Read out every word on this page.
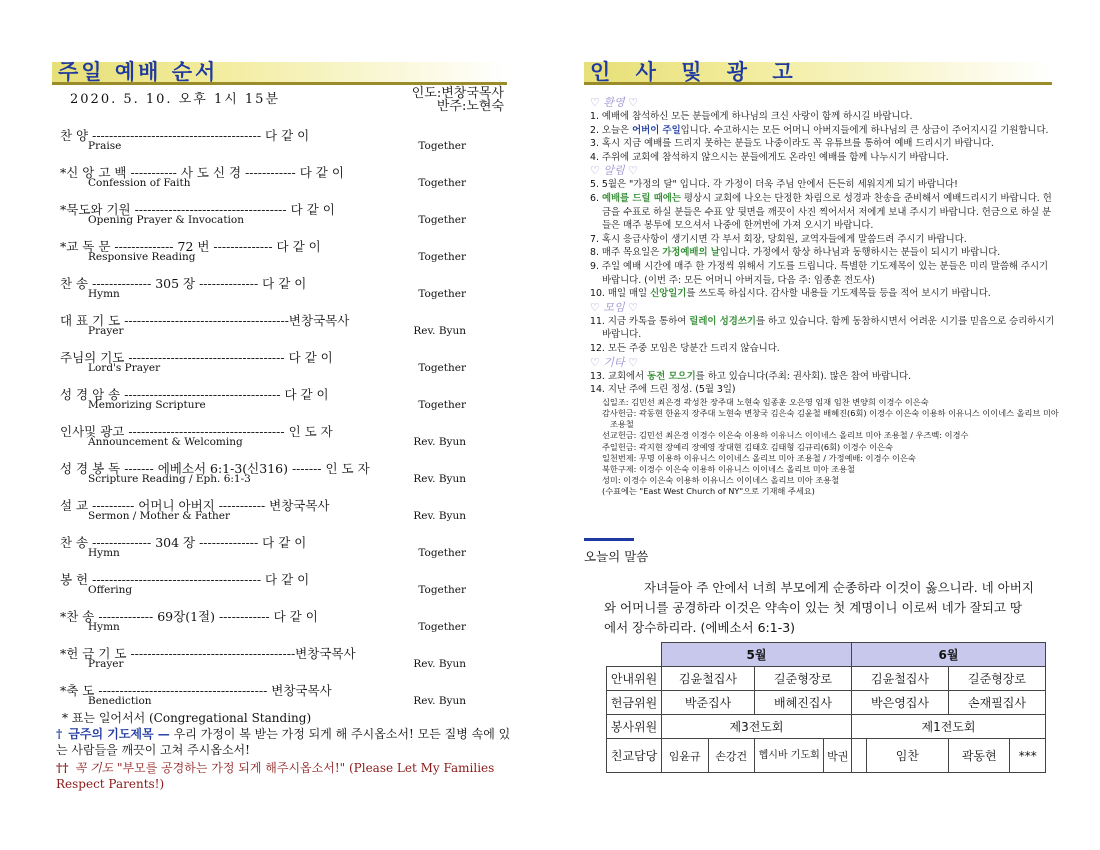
주일 예배 순서
2020. 5. 10. 오후 1시 15분	인도:변창국목사
반주:노현숙
찬 양 ---------------------------------------- 다 같 이
Praise	Together
*신 앙 고 백 ----------- 사 도 신 경 ------------ 다 같 이
Confession of Faith	Together
*묵도와 기원 ------------------------------------ 다 같 이
Opening Prayer & Invocation	Together
*교 독 문 -------------- 72 번 -------------- 다 같 이
Responsive Reading	Together
찬 송 -------------- 305 장 -------------- 다 같 이
Hymn	Together
대 표 기 도 ---------------------------------------변창국목사
Prayer	Rev. Byun
주님의 기도 ------------------------------------- 다 같 이
Lord's Prayer	Together
성 경 암 송 ------------------------------------- 다 같 이
Memorizing Scripture	Together
인사및 광고 ------------------------------------- 인 도 자
Announcement & Welcoming	Rev. Byun
성 경 봉 독 ------- 에베소서 6:1-3(신316) ------- 인 도 자
Scripture Reading / Eph. 6:1-3	Rev. Byun
설 교 ---------- 어머니 아버지 ----------- 변창국목사
Sermon / Mother & Father	Rev. Byun
찬 송 -------------- 304 장 -------------- 다 같 이
Hymn	Together
봉 헌 ---------------------------------------- 다 같 이
Offering	Together
*찬 송 ------------- 69장(1절) ------------ 다 같 이
Hymn	Together
*헌 금 기 도 ---------------------------------------변창국목사
Prayer	Rev. Byun
*축 도 ---------------------------------------- 변창국목사
Benediction	Rev. Byun
* 표는 일어서서 (Congregational Standing)
† 금주의 기도제목 — 우리 가정이 복 받는 가정 되게 해 주시옵소서! 모든 질병 속에 있는 사람들을 깨끗이 고쳐 주시옵소서!
†† 꼭 기도 "부모를 공경하는 가정 되게 해주시옵소서!" (Please Let My Families Respect Parents!)
인 사 및 광 고

♡ 환영 ♡

1. 예배에 참석하신 모든 분들에게 하나님의 크신 사랑이 함께 하시길 바랍니다.

2. 오늘은 어버이 주일입니다. 수고하시는 모든 어머니 아버지들에게 하나님의 큰 상급이 주어지시길 기원합니다.

3. 혹시 지금 예배를 드리지 못하는 분들도 나중이라도 꼭 유튜브를 통하여 예배 드리시기 바랍니다.

4. 주위에 교회에 참석하지 않으시는 분들에게도 온라인 예배를 함께 나누시기 바랍니다.

♡ 알림 ♡

5. 5월은 "가정의 달" 입니다. 각 가정이 더욱 주님 안에서 든든히 세워지게 되기 바랍니다!

6. 예배를 드릴 때에는 평상시 교회에 나오는 단정한 차림으로 성경과 찬송을 준비해서 예배드리시기 바랍니다. 헌금을 수표로 하실 분들은 수표 앞 뒷면을 깨끗이 사진 찍어서서 저에게 보내 주시기 바랍니다. 헌금으로 하실 분들은 매주 봉투에 모으셔서 나중에 한꺼번에 가져 오시기 바랍니다.

7. 혹시 응급사항이 생기시면 각 부서 회장, 당회원, 교역자들에게 말씀드려 주시기 바랍니다.

8. 매주 목요일은 가정예배의 날입니다. 가정에서 항상 하나님과 동행하시는 분들이 되시기 바랍니다.

9. 주일 예배 시간에 매주 한 가정씩 위해서 기도를 드립니다. 특별한 기도제목이 있는 분들은 미리 말씀해 주시기 바랍니다. (이번 주: 모든 어머니 아버지들, 다음 주: 임종훈 전도사)

10. 매일 매일 신앙일기를 쓰도록 하십시다. 감사할 내용들 기도제목들 등을 적어 보시기 바랍니다.

♡ 모임 ♡

11. 지금 카톡을 통하여 릴레이 성경쓰기를 하고 있습니다. 함께 동참하시면서 어려운 시기를 믿음으로 승리하시기 바랍니다.

12. 모든 주중 모임은 당분간 드리지 않습니다.

♡ 기타 ♡

13. 교회에서 동전 모으기를 하고 있습니다(주최: 권사회). 많은 참여 바랍니다.

14. 지난 주에 드린 정성. (5월 3일)

십일조: 김민선 최은경 곽성찬 장주대 노현숙 임종훈 오은영 임재 임찬 변양희 이경수 이은숙
감사헌금: 곽동현 한윤지 장주대 노현숙 변창국 김은숙 김윤철 배혜진(6회) 이경수 이은숙 이용하 이유니스 이이네스 올리브 미아 조용철
선교헌금: 김민선 최은경 이경수 이은숙 이용하 이유니스 이이네스 올리브 미아 조용철 / 우즈벡: 이경수
주일헌금: 곽지현 장예리 장예영 장대현 김태호 김태형 김규리(6회) 이경수 이은숙
일천번제: 무명 이용하 이유니스 이이네스 올리브 미아 조용철 / 가정예배: 이경수 이은숙
북한구제: 이경수 이은숙 이용하 이유니스 이이네스 올리브 미아 조용철
성미: 이경수 이은숙 이용하 이유니스 이이네스 올리브 미아 조용철
(수표에는 "East West Church of NY"으로 기재해 주세요)
오늘의 말씀
자녀들아 주 안에서 너희 부모에게 순종하라 이것이 옳으니라. 네 아버지와 어머니를 공경하라 이것은 약속이 있는 첫 계명이니 이로써 네가 잘되고 땅에서 장수하리라. (에베소서 6:1-3)
	5월				6월			
안내위원	김윤철집사		길준형장로		김윤철집사		길준형장로	
헌금위원	박준집사		배혜진집사		박은영집사		손재필집사	
봉사위원	제3전도회				제1전도회			
친교담당	임윤규	손강건	헵시바 기도회	박권		임찬	곽동현	***
